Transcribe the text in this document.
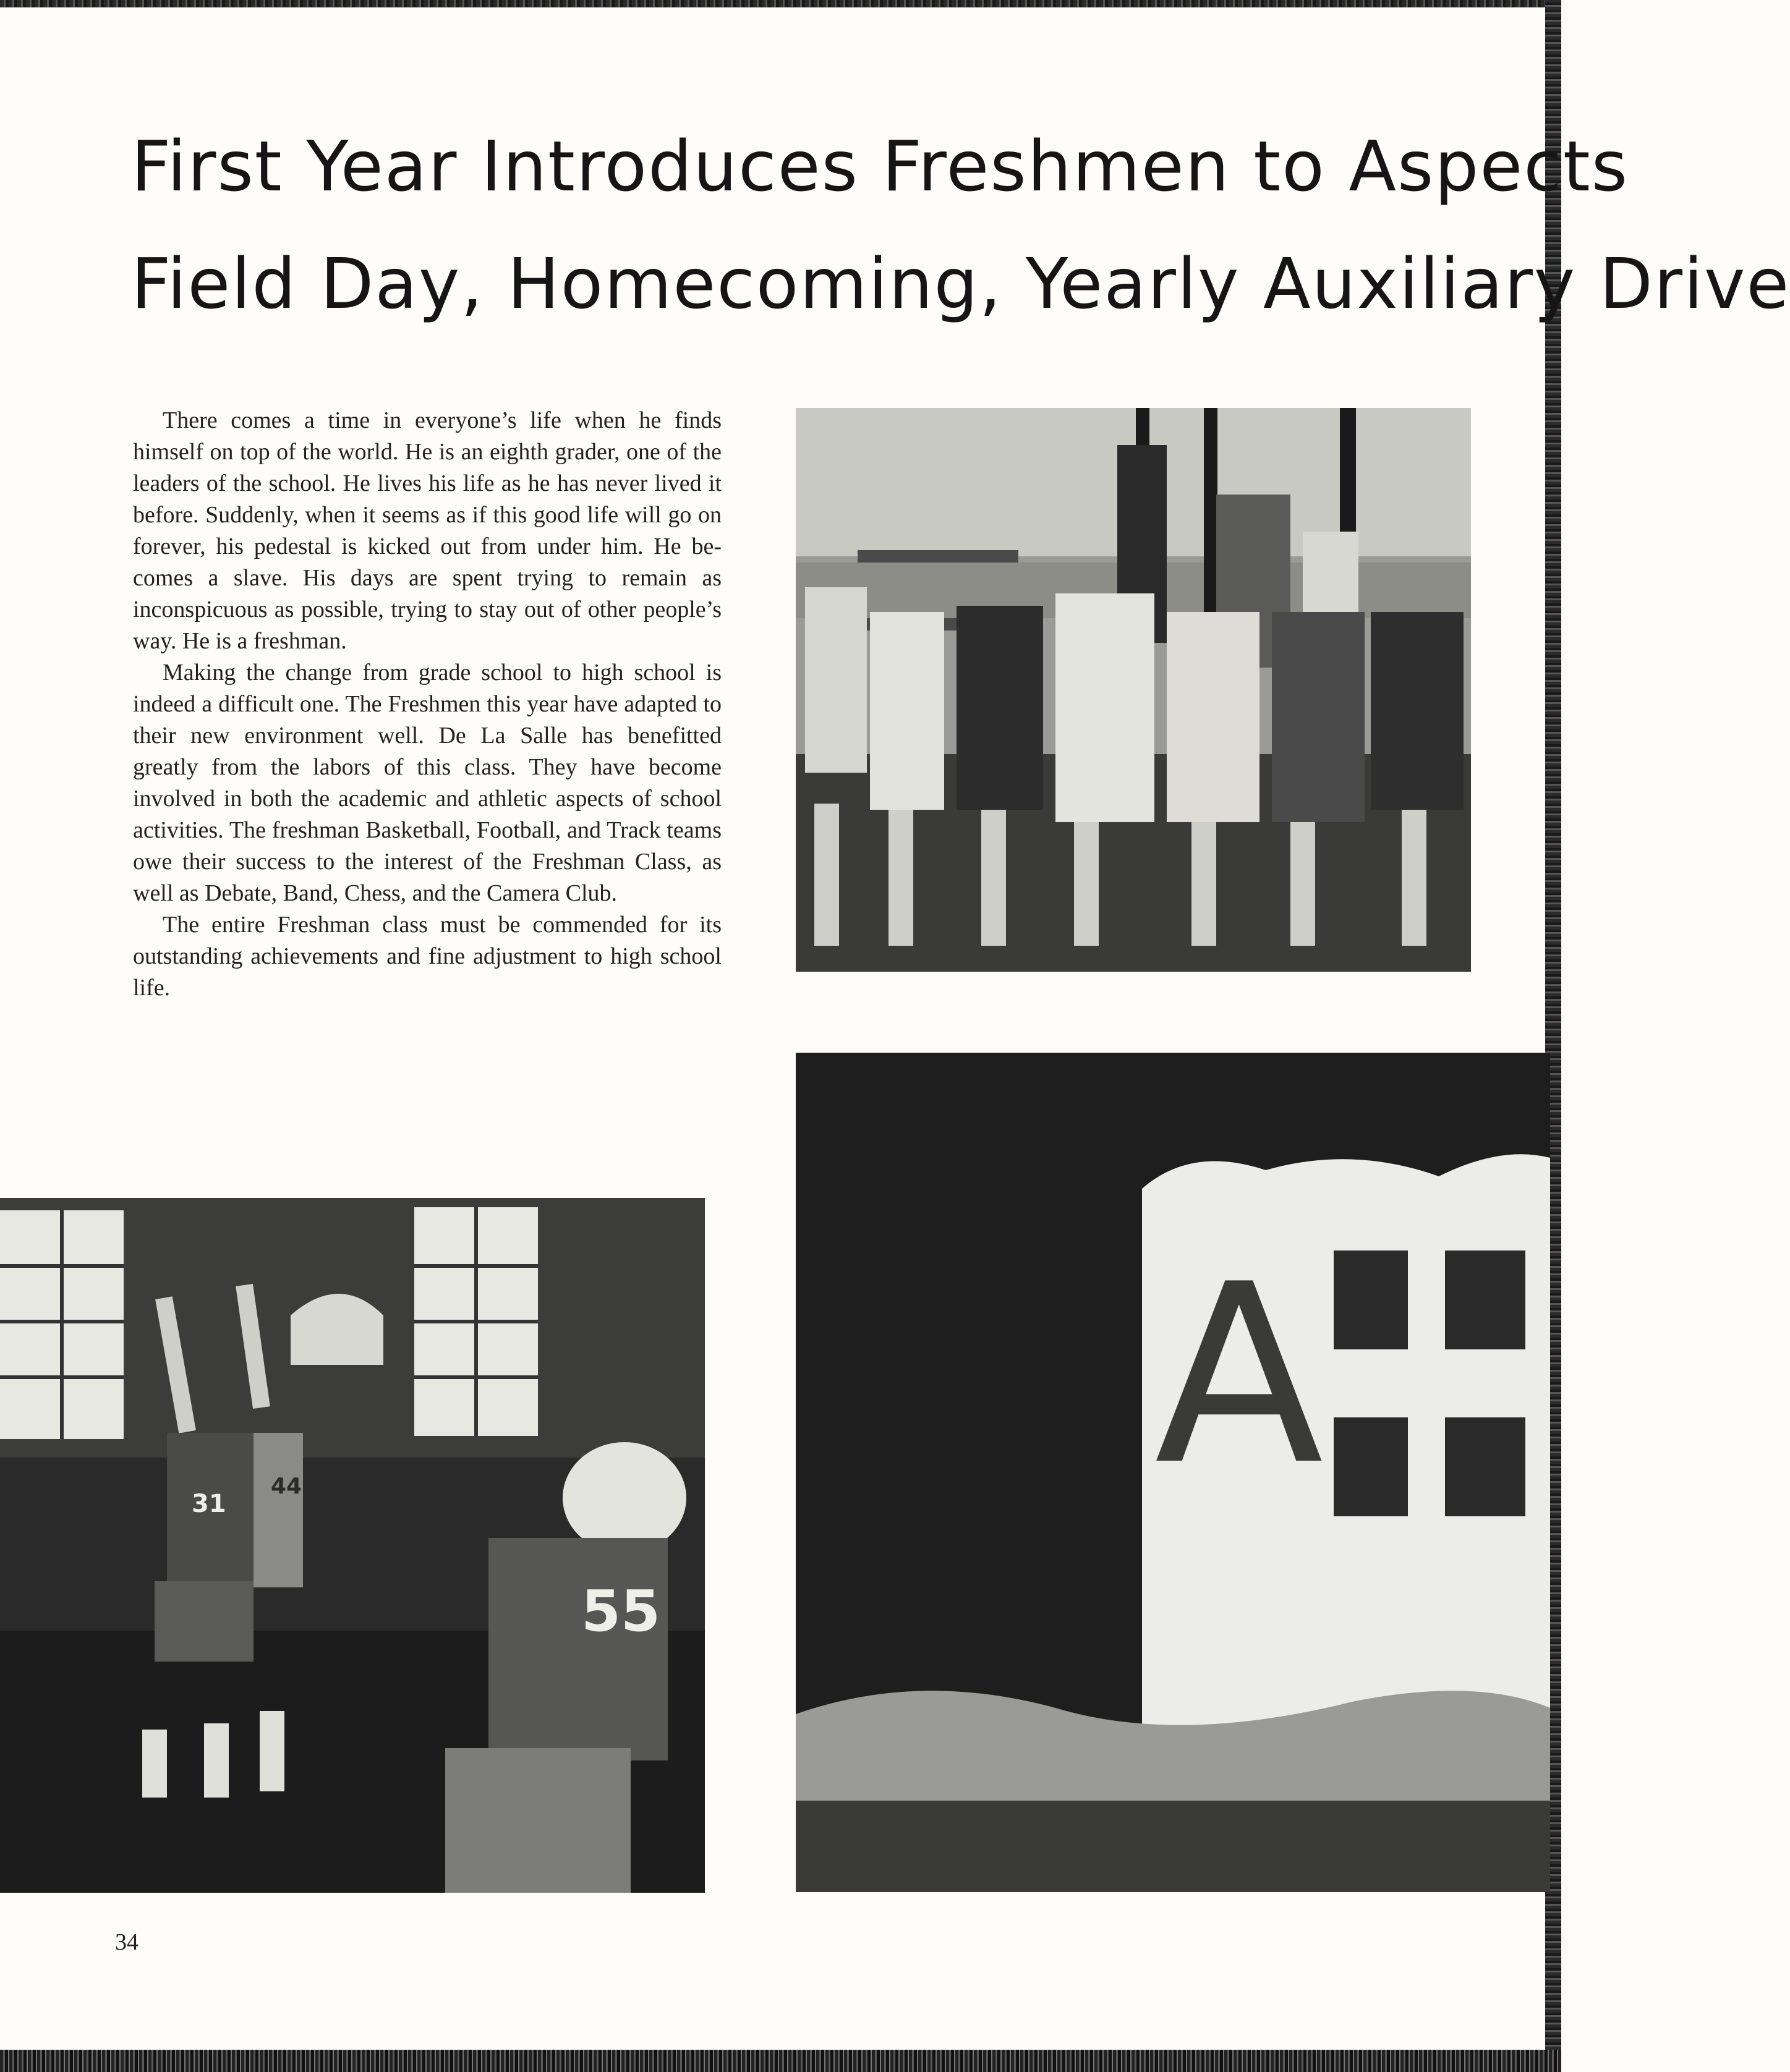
First Year Introduces Freshmen to Aspects
Field Day, Homecoming, Yearly Auxiliary Drive

There comes a time in everyone’s life when he finds himself on top of the world. He is an eighth grader, one of the leaders of the school. He lives his life as he has never lived it before. Suddenly, when it seems as if this good life will go on forever, his pedestal is kicked out from under him. He becomes a slave. His days are spent trying to remain as inconspicuous as possible, trying to stay out of other people’s way. He is a freshman.

Making the change from grade school to high school is indeed a difficult one. The Freshmen this year have adapted to their new environment well. De La Salle has benefitted greatly from the labors of this class. They have become involved in both the academic and athletic aspects of school activities. The freshman Basketball, Football, and Track teams owe their success to the interest of the Freshman Class, as well as Debate, Band, Chess, and the Camera Club.

The entire Freshman class must be commended for its outstanding achievements and fine adjustment to high school life.

31
44
55
A
34
